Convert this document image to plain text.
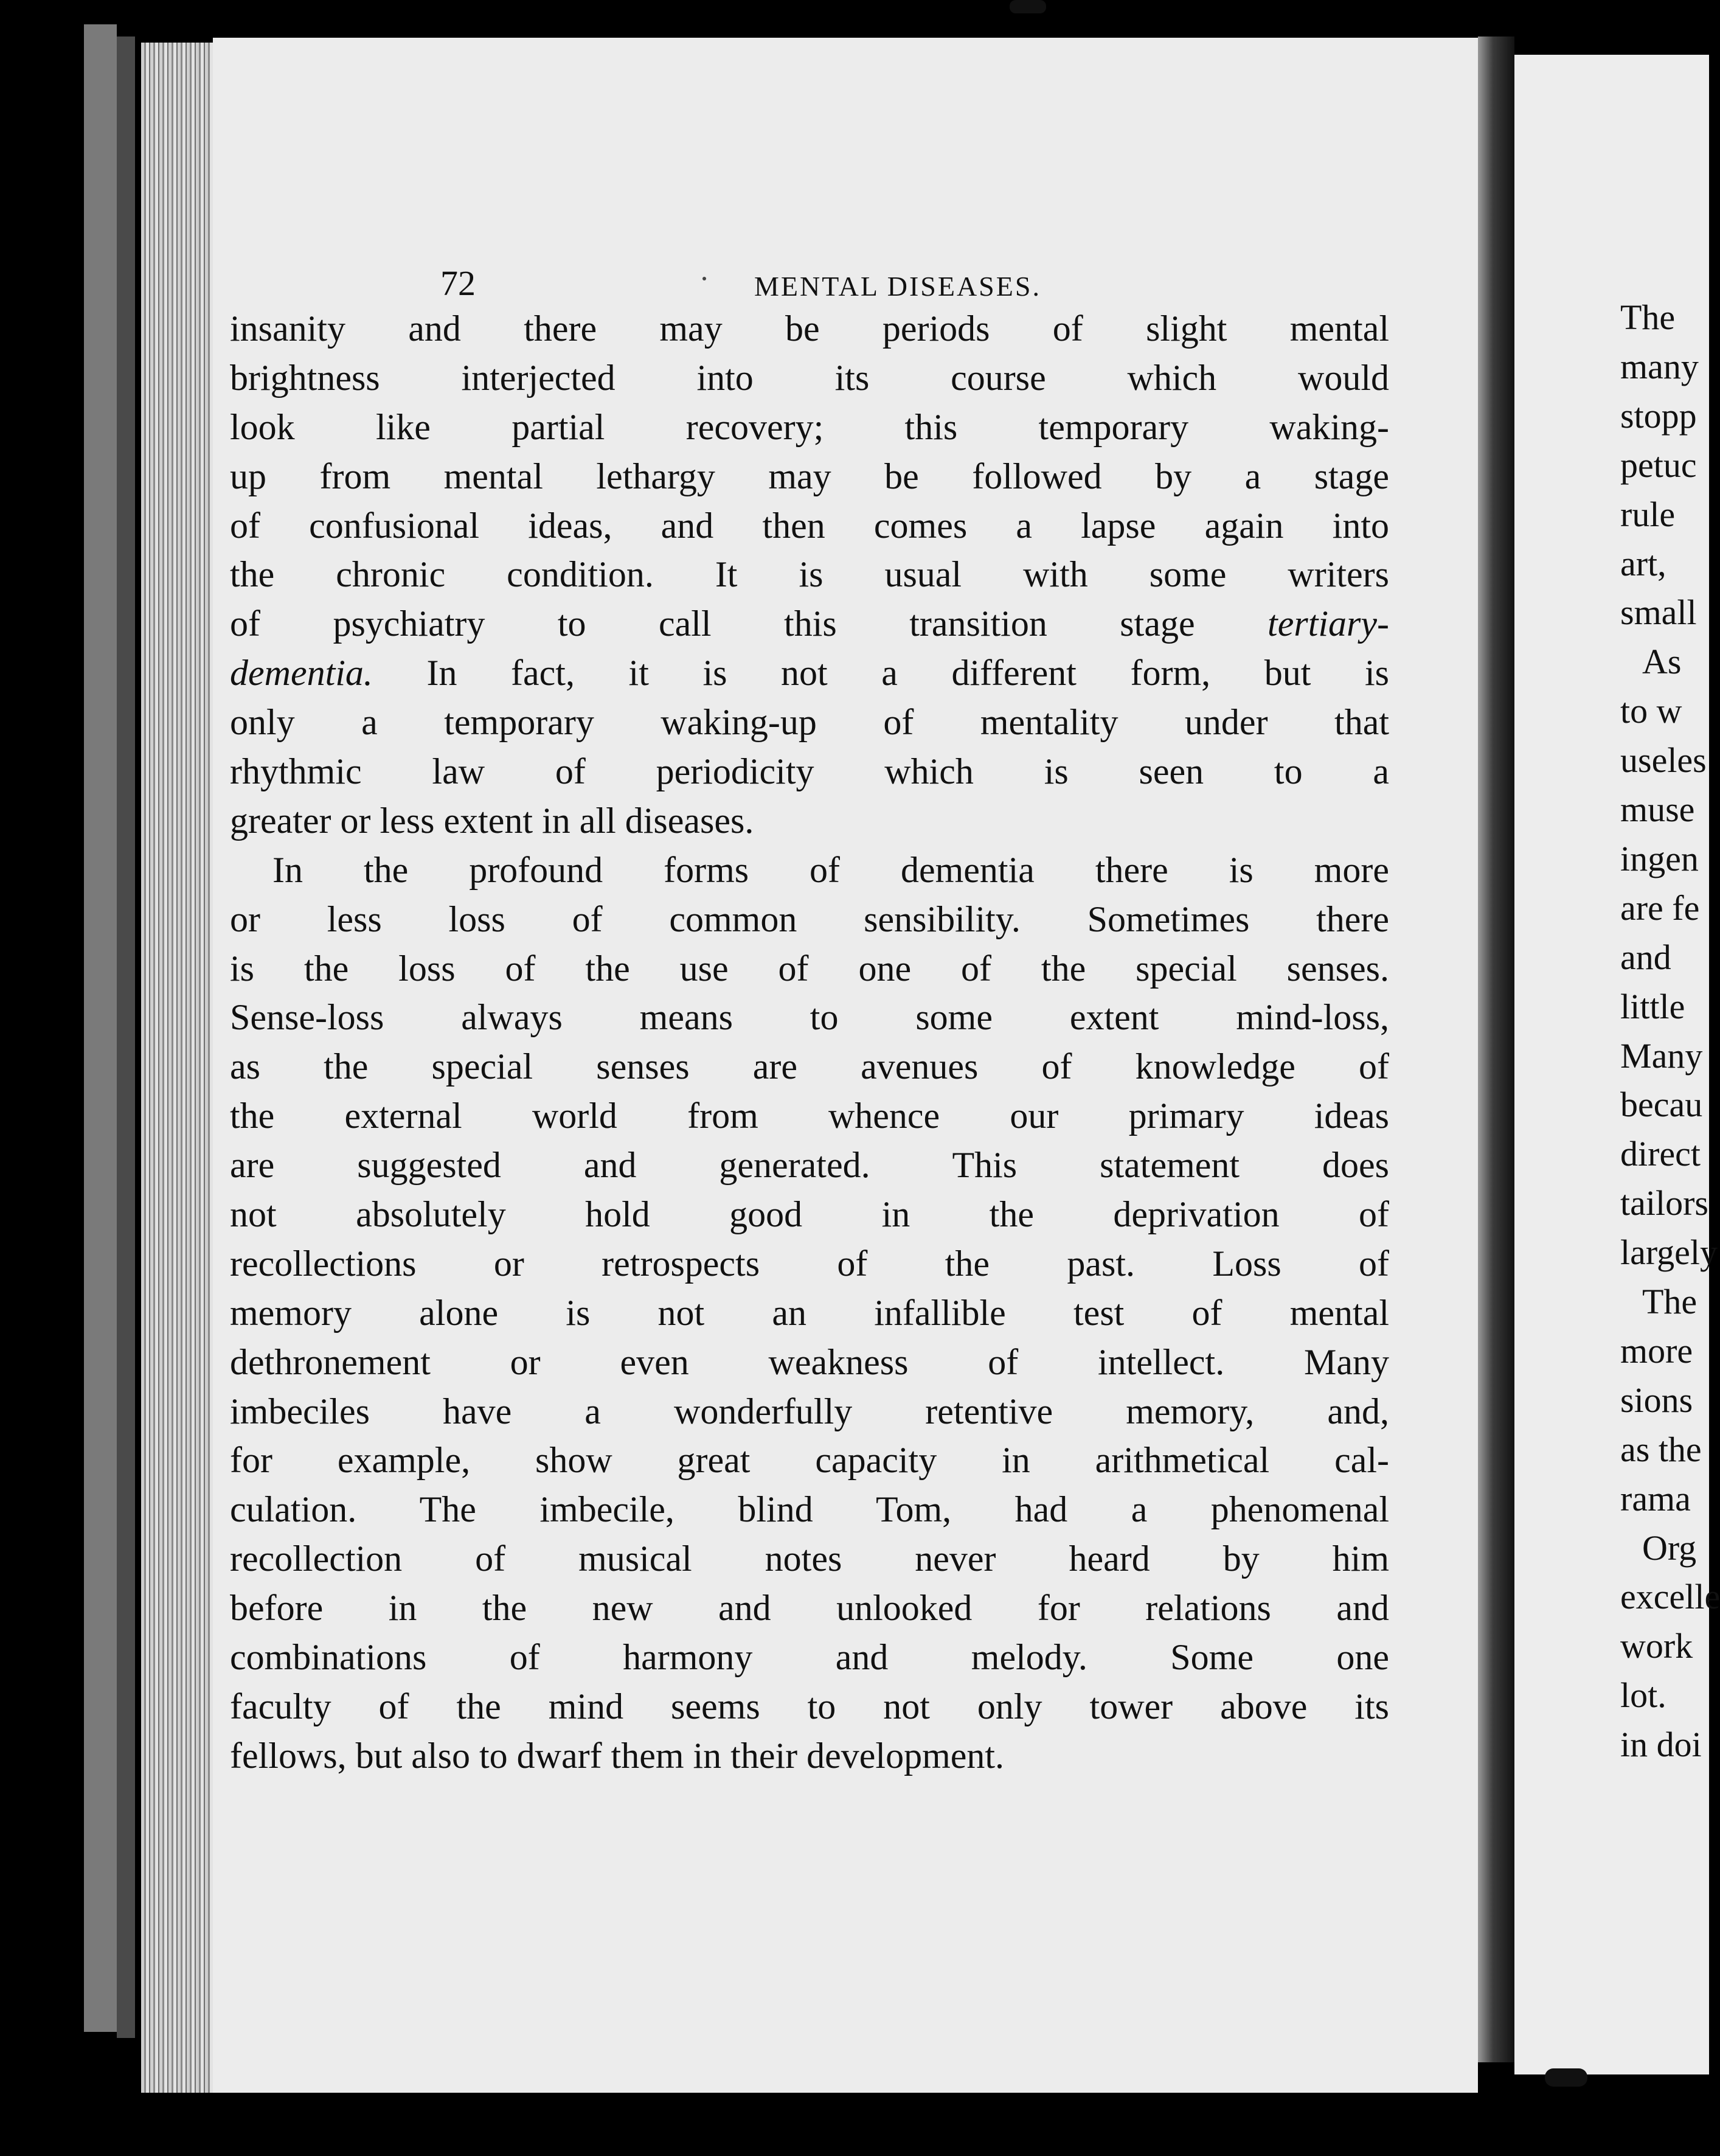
72	MENTAL DISEASES.
insanity and there may be periods of slight mental
brightness interjected into its course which would
look like partial recovery; this temporary waking-
up from mental lethargy may be followed by a stage
of confusional ideas, and then comes a lapse again into
the chronic condition. It is usual with some writers
of psychiatry to call this transition stage tertiary-
dementia. In fact, it is not a different form, but is
only a temporary waking-up of mentality under that
rhythmic law of periodicity which is seen to a
greater or less extent in all diseases.
In the profound forms of dementia there is more
or less loss of common sensibility. Sometimes there
is the loss of the use of one of the special senses.
Sense-loss always means to some extent mind-loss,
as the special senses are avenues of knowledge of
the external world from whence our primary ideas
are suggested and generated. This statement does
not absolutely hold good in the deprivation of
recollections or retrospects of the past. Loss of
memory alone is not an infallible test of mental
dethronement or even weakness of intellect. Many
imbeciles have a wonderfully retentive memory, and,
for example, show great capacity in arithmetical cal-
culation. The imbecile, blind Tom, had a phenomenal
recollection of musical notes never heard by him
before in the new and unlooked for relations and
combinations of harmony and melody. Some one
faculty of the mind seems to not only tower above its
fellows, but also to dwarf them in their development.
The
many
stopp
petuc
rule
art,
small
As
to w
useles
muse
ingen
are fe
and
little
Many
becau
direct
tailors
largely
The
more
sions
as the
rama
Org
excelle
work
lot.
in doi
